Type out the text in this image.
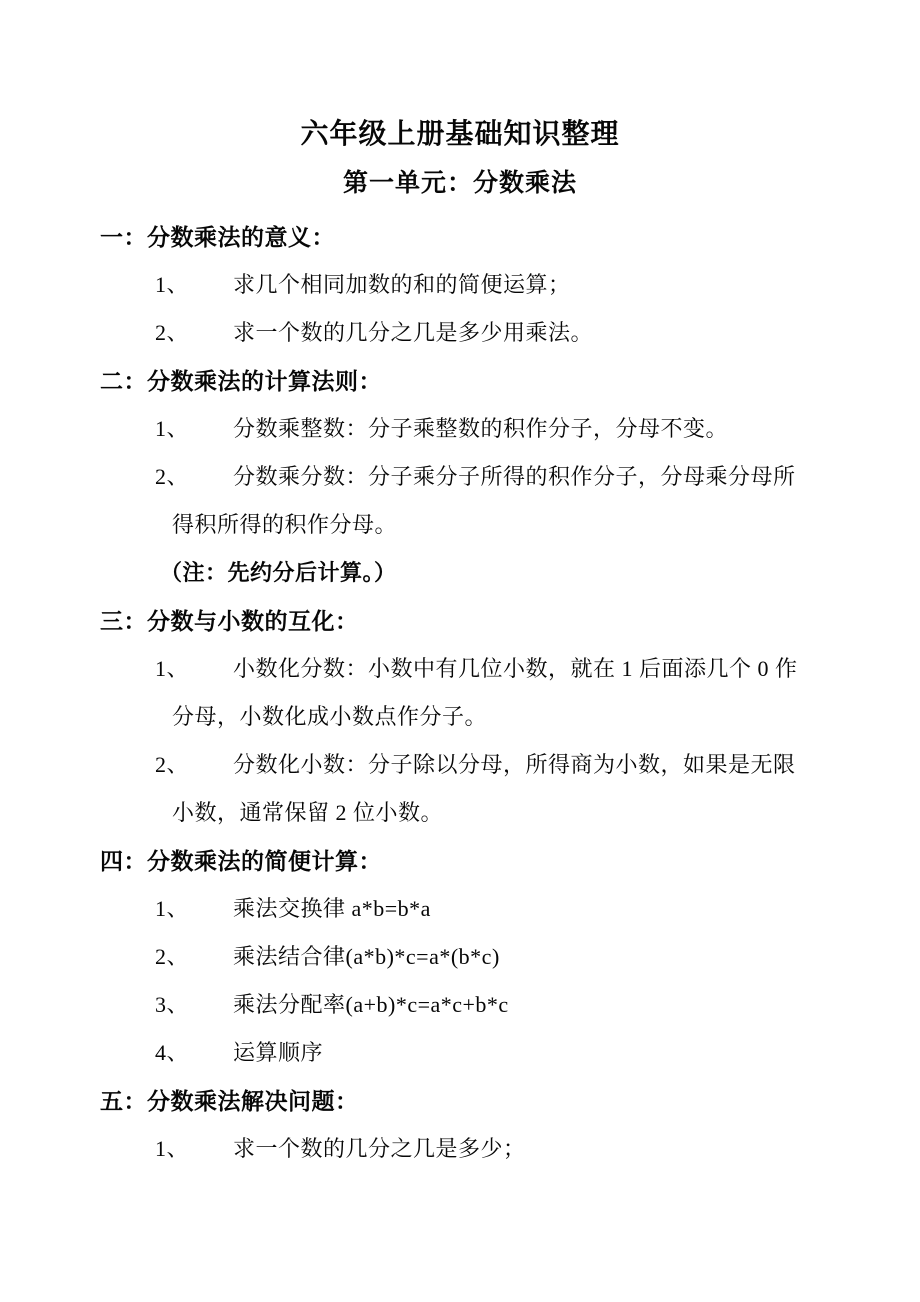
六年级上册基础知识整理
第一单元：分数乘法
一：分数乘法的意义：
1、 求几个相同加数的和的简便运算；
2、 求一个数的几分之几是多少用乘法。
二：分数乘法的计算法则：
1、 分数乘整数：分子乘整数的积作分子，分母不变。
2、 分数乘分数：分子乘分子所得的积作分子，分母乘分母所
得积所得的积作分母。
（注：先约分后计算。）
三：分数与小数的互化：
1、 小数化分数：小数中有几位小数，就在 1 后面添几个 0 作
分母，小数化成小数点作分子。
2、 分数化小数：分子除以分母，所得商为小数，如果是无限
小数，通常保留 2 位小数。
四：分数乘法的简便计算：
1、 乘法交换律 a*b=b*a
2、 乘法结合律(a*b)*c=a*(b*c)
3、 乘法分配率(a+b)*c=a*c+b*c
4、 运算顺序
五：分数乘法解决问题：
1、 求一个数的几分之几是多少；
